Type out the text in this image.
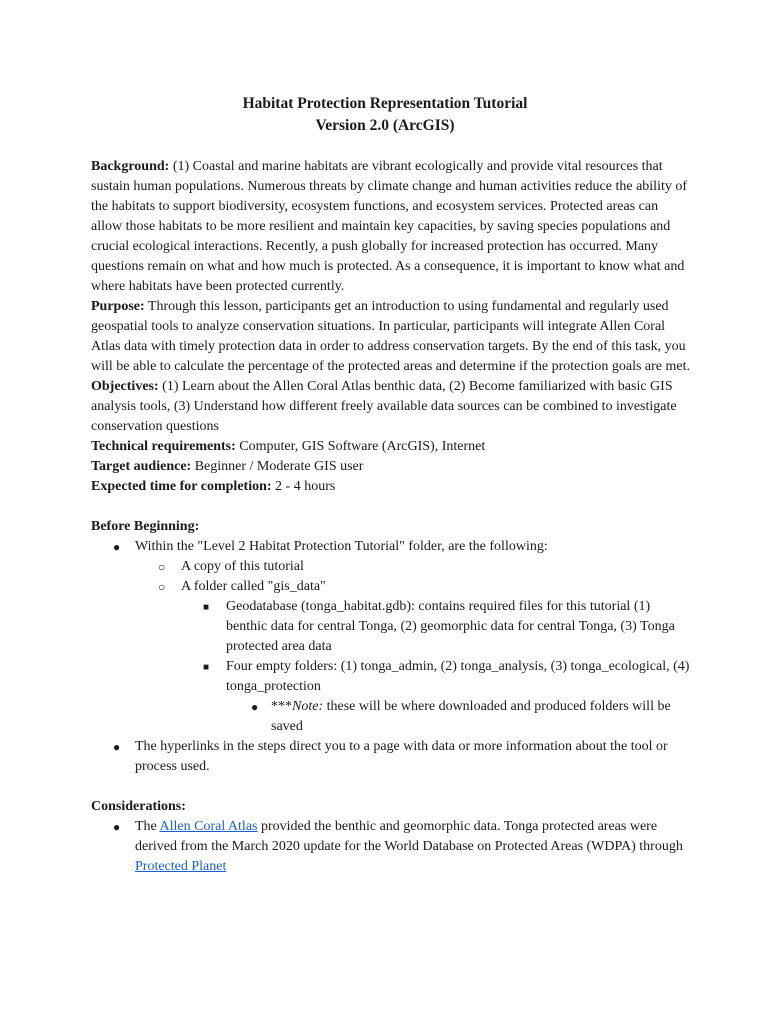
Habitat Protection Representation Tutorial
Version 2.0 (ArcGIS)

Background: (1) Coastal and marine habitats are vibrant ecologically and provide vital resources that sustain human populations. Numerous threats by climate change and human activities reduce the ability of the habitats to support biodiversity, ecosystem functions, and ecosystem services. Protected areas can allow those habitats to be more resilient and maintain key capacities, by saving species populations and crucial ecological interactions. Recently, a push globally for increased protection has occurred. Many questions remain on what and how much is protected. As a consequence, it is important to know what and where habitats have been protected currently.

Purpose: Through this lesson, participants get an introduction to using fundamental and regularly used geospatial tools to analyze conservation situations. In particular, participants will integrate Allen Coral Atlas data with timely protection data in order to address conservation targets. By the end of this task, you will be able to calculate the percentage of the protected areas and determine if the protection goals are met.

Objectives: (1) Learn about the Allen Coral Atlas benthic data, (2) Become familiarized with basic GIS analysis tools, (3) Understand how different freely available data sources can be combined to investigate conservation questions

Technical requirements: Computer, GIS Software (ArcGIS), Internet

Target audience: Beginner / Moderate GIS user

Expected time for completion: 2 - 4 hours

Before Beginning:

● Within the "Level 2 Habitat Protection Tutorial" folder, are the following:
○ A copy of this tutorial
○ A folder called "gis_data"
■ Geodatabase (tonga_habitat.gdb): contains required files for this tutorial (1) benthic data for central Tonga, (2) geomorphic data for central Tonga, (3) Tonga protected area data
■ Four empty folders: (1) tonga_admin, (2) tonga_analysis, (3) tonga_ecological, (4) tonga_protection
● ***Note: these will be where downloaded and produced folders will be saved
● The hyperlinks in the steps direct you to a page with data or more information about the tool or process used.

Considerations:

● The Allen Coral Atlas provided the benthic and geomorphic data. Tonga protected areas were derived from the March 2020 update for the World Database on Protected Areas (WDPA) through Protected Planet
